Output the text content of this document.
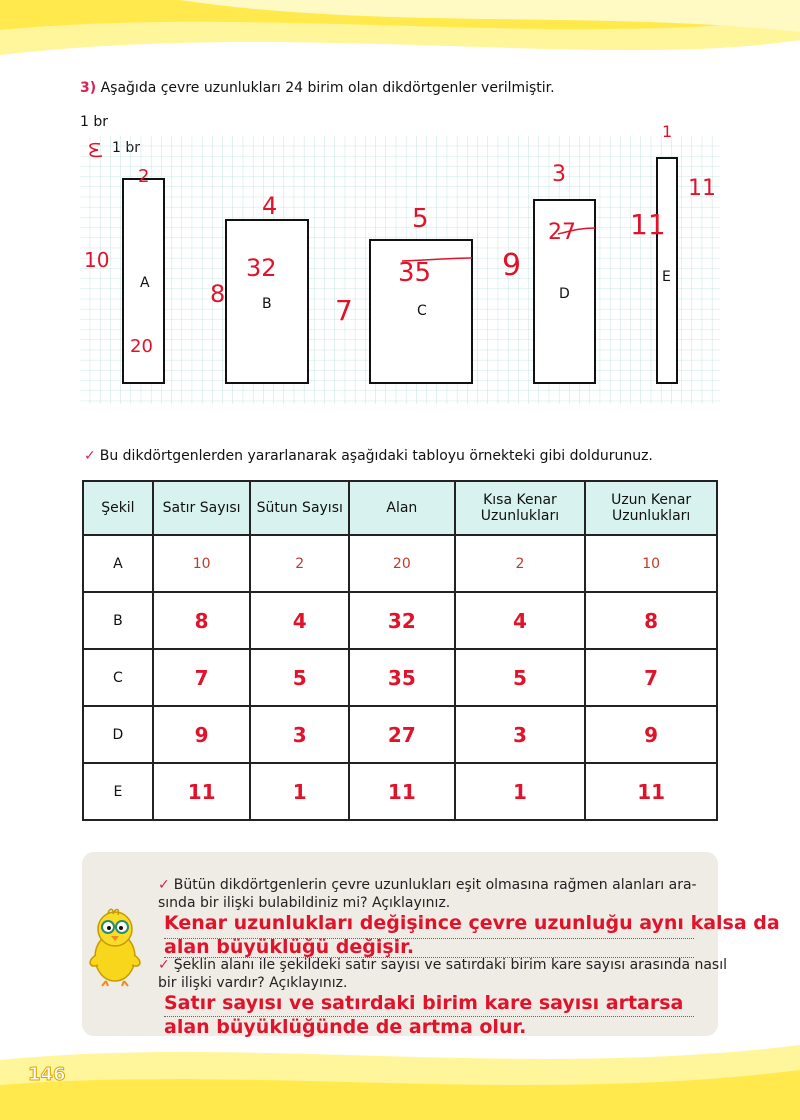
3) Aşağıda çevre uzunlukları 24 birim olan dikdörtgenler verilmiştir.
1 br
A
B	C
D
E
2
10
20
4
8
32
5
7
35
3
9
27
1
11
11
✓ Bu dikdörtgenlerden yararlanarak aşağıdaki tabloyu örnekteki gibi doldurunuz.
Şekil	Satır Sayısı	Sütun Sayısı	Alan	Kısa Kenar Uzunlukları	Uzun Kenar Uzunlukları
A	10	2	20	2	10
B	8	4	32	4	8
C	7	5	35	5	7
D	9	3	27	3	9
E	11	1	11	1	11
✓ Bütün dikdörtgenlerin çevre uzunlukları eşit olmasına rağmen alanları ara-
sında bir ilişki bulabildiniz mi? Açıklayınız.
Kenar uzunlukları değişince çevre uzunluğu aynı kalsa da
alan büyüklüğü değişir.
✓ Şeklin alanı ile şekildeki satır sayısı ve satırdaki birim kare sayısı arasında nasıl
bir ilişki vardır? Açıklayınız.
Satır sayısı ve satırdaki birim kare sayısı artarsa
alan büyüklüğünde de artma olur.
146
